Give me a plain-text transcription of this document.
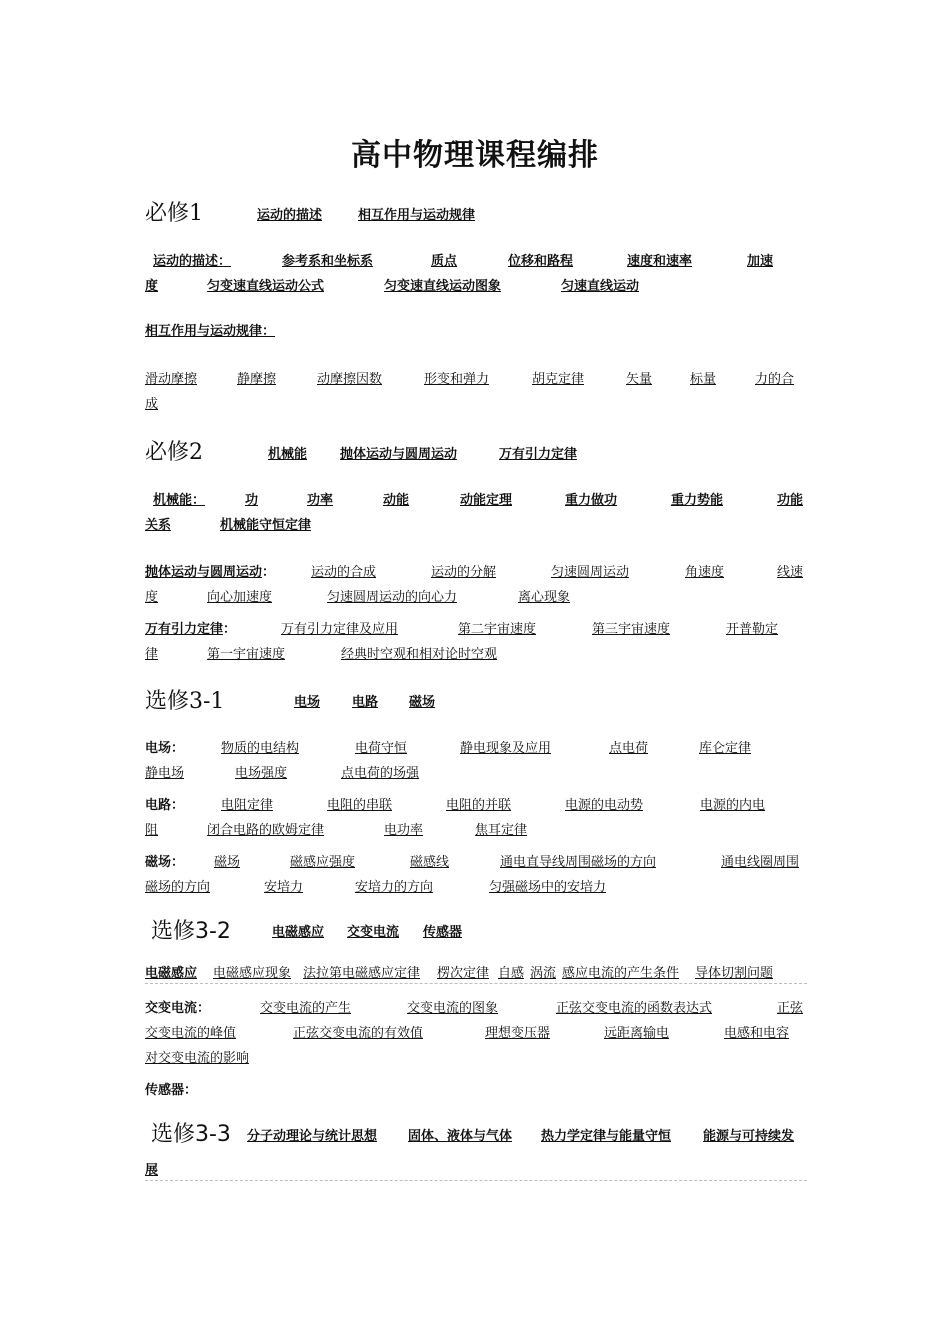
高中物理课程编排
必修1	运动的描述	相互作用与运动规律
运动的描述：	参考系和坐标系	质点	位移和路程	速度和速率	加速
度	匀变速直线运动公式	匀变速直线运动图象	匀速直线运动
相互作用与运动规律：
滑动摩擦	静摩擦	动摩擦因数	形变和弹力	胡克定律	矢量	标量	力的合
成
必修2	机械能	抛体运动与圆周运动	万有引力定律
机械能：	功	功率	动能	动能定理	重力做功	重力势能	功能
关系	机械能守恒定律
抛体运动与圆周运动：	运动的合成	运动的分解	匀速圆周运动	角速度	线速
度	向心加速度	匀速圆周运动的向心力	离心现象
万有引力定律：	万有引力定律及应用	第二宇宙速度	第三宇宙速度	开普勒定
律	第一宇宙速度	经典时空观和相对论时空观
选修3-1	电场 电路 磁场
电场：	物质的电结构	电荷守恒	静电现象及应用	点电荷	库仑定律
静电场	电场强度	点电荷的场强
电路：	电阻定律	电阻的串联	电阻的并联	电源的电动势	电源的内电
阻	闭合电路的欧姆定律	电功率	焦耳定律
磁场： 磁场	磁感应强度	磁感线	通电直导线周围磁场的方向	通电线圈周围
磁场的方向	安培力	安培力的方向	匀强磁场中的安培力
选修3-2	电磁感应 交变电流 传感器
电磁感应 电磁感应现象 法拉第电磁感应定律 楞次定律 自感 涡流 感应电流的产生条件 导体切割问题
交变电流：	交变电流的产生	交变电流的图象	正弦交变电流的函数表达式	正弦
交变电流的峰值	正弦交变电流的有效值	理想变压器	远距离输电	电感和电容
对交变电流的影响
传感器：
选修3-3 分子动理论与统计思想 固体、液体与气体 热力学定律与能量守恒 能源与可持续发
展
